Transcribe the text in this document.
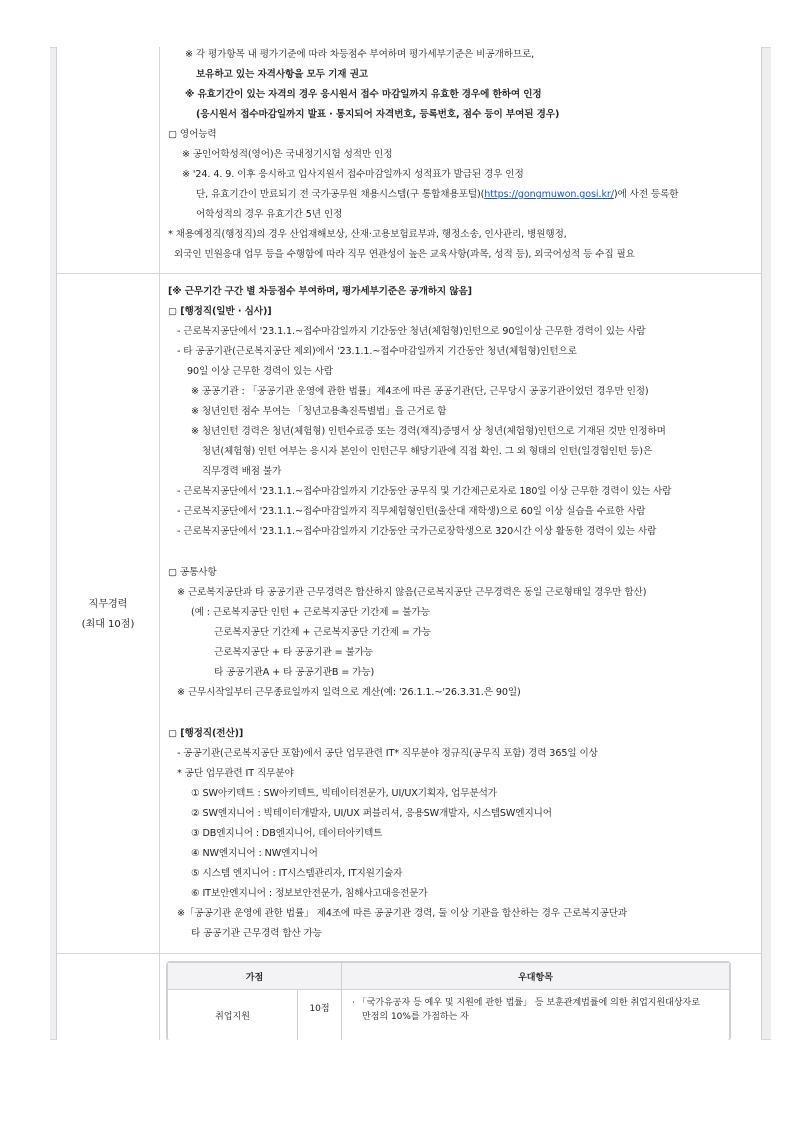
※ 각 평가항목 내 평가기준에 따라 차등점수 부여하며 평가세부기준은 비공개하므로,
보유하고 있는 자격사항을 모두 기재 권고
※ 유효기간이 있는 자격의 경우 응시원서 접수 마감일까지 유효한 경우에 한하여 인정
(응시원서 접수마감일까지 발표 · 통지되어 자격번호, 등록번호, 점수 등이 부여된 경우)
▢ 영어능력
※ 공인어학성적(영어)은 국내정기시험 성적만 인정
※ '24. 4. 9. 이후 응시하고 입사지원서 접수마감일까지 성적표가 발급된 경우 인정
단, 유효기간이 만료되기 전 국가공무원 채용시스템(구 통합채용포털)(https://gongmuwon.gosi.kr/)에 사전 등록한
어학성적의 경우 유효기간 5년 인정
* 채용예정직(행정직)의 경우 산업재해보상, 산재·고용보험료부과, 행정소송, 인사관리, 병원행정,
외국인 민원응대 업무 등을 수행함에 따라 직무 연관성이 높은 교육사항(과목, 성적 등), 외국어성적 등 수집 필요
직무경력
(최대 10점)
[※ 근무기간 구간 별 차등점수 부여하며, 평가세부기준은 공개하지 않음]
▢ [행정직(일반 · 심사)]
- 근로복지공단에서 '23.1.1.~접수마감일까지 기간동안 청년(체험형)인턴으로 90일이상 근무한 경력이 있는 사람
- 타 공공기관(근로복지공단 제외)에서 '23.1.1.~접수마감일까지 기간동안 청년(체험형)인턴으로
90일 이상 근무한 경력이 있는 사람
※ 공공기관 : 「공공기관 운영에 관한 법률」제4조에 따른 공공기관(단, 근무당시 공공기관이었던 경우만 인정)
※ 청년인턴 점수 부여는 「청년고용촉진특별법」을 근거로 함
※ 청년인턴 경력은 청년(체험형) 인턴수료증 또는 경력(재직)증명서 상 청년(체험형)인턴으로 기재된 것만 인정하며
청년(체험형) 인턴 여부는 응시자 본인이 인턴근무 해당기관에 직접 확인. 그 외 형태의 인턴(일경험인턴 등)은
직무경력 배점 불가
- 근로복지공단에서 '23.1.1.~접수마감일까지 기간동안 공무직 및 기간제근로자로 180일 이상 근무한 경력이 있는 사람
- 근로복지공단에서 '23.1.1.~접수마감일까지 직무체험형인턴(울산대 재학생)으로 60일 이상 실습을 수료한 사람
- 근로복지공단에서 '23.1.1.~접수마감일까지 기간동안 국가근로장학생으로 320시간 이상 활동한 경력이 있는 사람
▢ 공통사항
※ 근로복지공단과 타 공공기관 근무경력은 합산하지 않음(근로복지공단 근무경력은 동일 근로형태일 경우만 합산)
(예 : 근로복지공단 인턴 + 근로복지공단 기간제 = 불가능
근로복지공단 기간제 + 근로복지공단 기간제 = 가능
근로복지공단 + 타 공공기관 = 불가능
타 공공기관A + 타 공공기관B = 가능)
※ 근무시작일부터 근무종료일까지 일력으로 계산(예: '26.1.1.~'26.3.31.은 90일)
▢ [행정직(전산)]
- 공공기관(근로복지공단 포함)에서 공단 업무관련 IT* 직무분야 정규직(공무직 포함) 경력 365일 이상
* 공단 업무관련 IT 직무분야
① SW아키텍트 : SW아키텍트, 빅테이터전문가, UI/UX기획자, 업무분석가
② SW엔지니어 : 빅테이터개발자, UI/UX 퍼블리셔, 응용SW개발자, 시스템SW엔지니어
③ DB엔지니어 : DB엔지니어, 데이터아키텍트
④ NW엔지니어 : NW엔지니어
⑤ 시스템 엔지니어 : IT시스템관리자, IT지원기술자
⑥ IT보안엔지니어 : 정보보안전문가, 침해사고대응전문가
※「공공기관 운영에 관한 법률」 제4조에 따른 공공기관 경력, 둘 이상 기관을 합산하는 경우 근로복지공단과
타 공공기관 근무경력 합산 가능
가점		우대항목
취업지원	10점	· 「국가유공자 등 예우 및 지원에 관한 법률」 등 보훈관계법률에 의한 취업지원대상자로
만점의 10%를 가점하는 자
